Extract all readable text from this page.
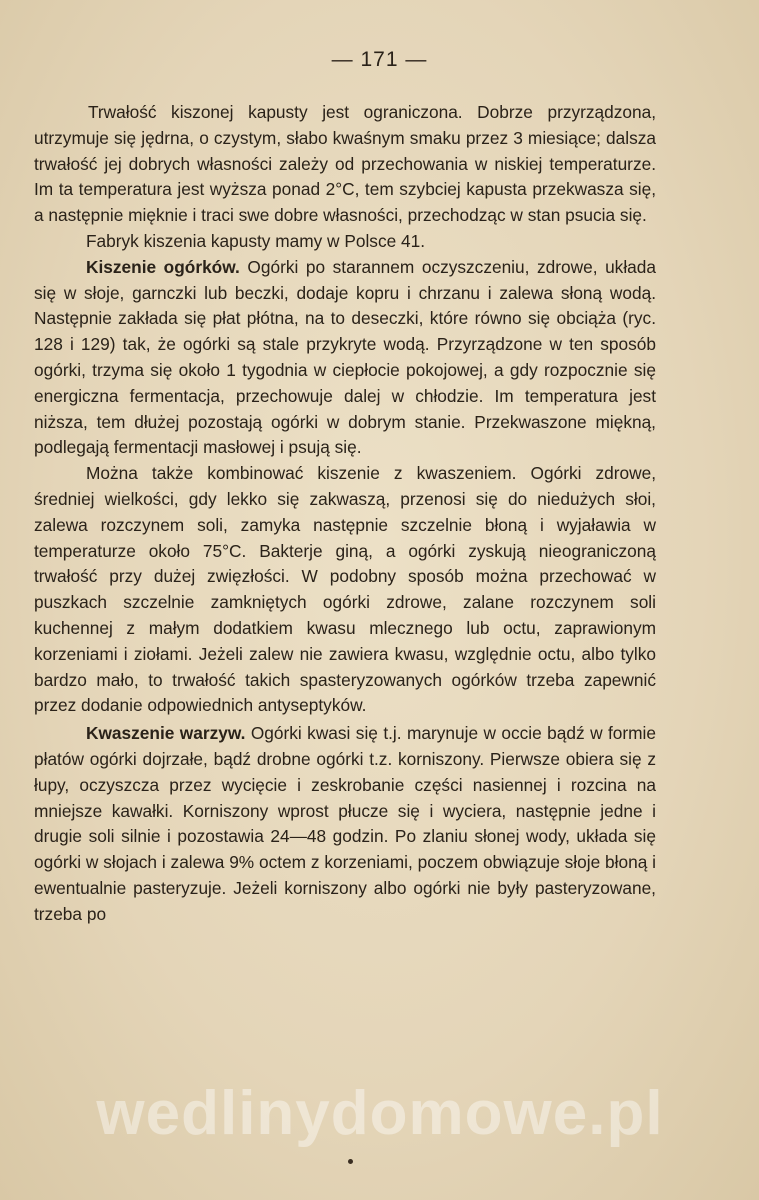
— 171 —

Trwałość kiszonej kapusty jest ograniczona. Dobrze przyrządzona, utrzymuje się jędrna, o czystym, słabo kwaśnym smaku przez 3 miesiące; dalsza trwałość jej dobrych własności zależy od przechowania w niskiej temperaturze. Im ta temperatura jest wyższa ponad 2°C, tem szybciej kapusta przekwasza się, a następnie mięknie i traci swe dobre własności, przechodząc w stan psucia się.

Fabryk kiszenia kapusty mamy w Polsce 41.

Kiszenie ogórków. Ogórki po starannem oczyszczeniu, zdrowe, układa się w słoje, garnczki lub beczki, dodaje kopru i chrzanu i zalewa słoną wodą. Następnie zakłada się płat płótna, na to deseczki, które równo się obciąża (ryc. 128 i 129) tak, że ogórki są stale przykryte wodą. Przyrządzone w ten sposób ogórki, trzyma się około 1 tygodnia w ciepłocie pokojowej, a gdy rozpocznie się energiczna fermentacja, przechowuje dalej w chłodzie. Im temperatura jest niższa, tem dłużej pozostają ogórki w dobrym stanie. Przekwaszone miękną, podlegają fermentacji masłowej i psują się.

Można także kombinować kiszenie z kwaszeniem. Ogórki zdrowe, średniej wielkości, gdy lekko się zakwaszą, przenosi się do niedużych słoi, zalewa rozczynem soli, zamyka następnie szczelnie błoną i wyjaławia w temperaturze około 75°C. Bakterje giną, a ogórki zyskują nieograniczoną trwałość przy dużej zwięzłości. W podobny sposób można przechować w puszkach szczelnie zamkniętych ogórki zdrowe, zalane rozczynem soli kuchennej z małym dodatkiem kwasu mlecznego lub octu, zaprawionym korzeniami i ziołami. Jeżeli zalew nie zawiera kwasu, względnie octu, albo tylko bardzo mało, to trwałość takich spasteryzowanych ogórków trzeba zapewnić przez dodanie odpowiednich antyseptyków.

Kwaszenie warzyw. Ogórki kwasi się t.j. marynuje w occie bądź w formie płatów ogórki dojrzałe, bądź drobne ogórki t.z. korniszony. Pierwsze obiera się z łupy, oczyszcza przez wycięcie i zeskrobanie części nasiennej i rozcina na mniejsze kawałki. Korniszony wprost płucze się i wyciera, następnie jedne i drugie soli silnie i pozostawia 24—48 godzin. Po zlaniu słonej wody, układa się ogórki w słojach i zalewa 9% octem z korzeniami, poczem obwiązuje słoje błoną i ewentualnie pasteryzuje. Jeżeli korniszony albo ogórki nie były pasteryzowane, trzeba po

wedlinydomowe.pl
